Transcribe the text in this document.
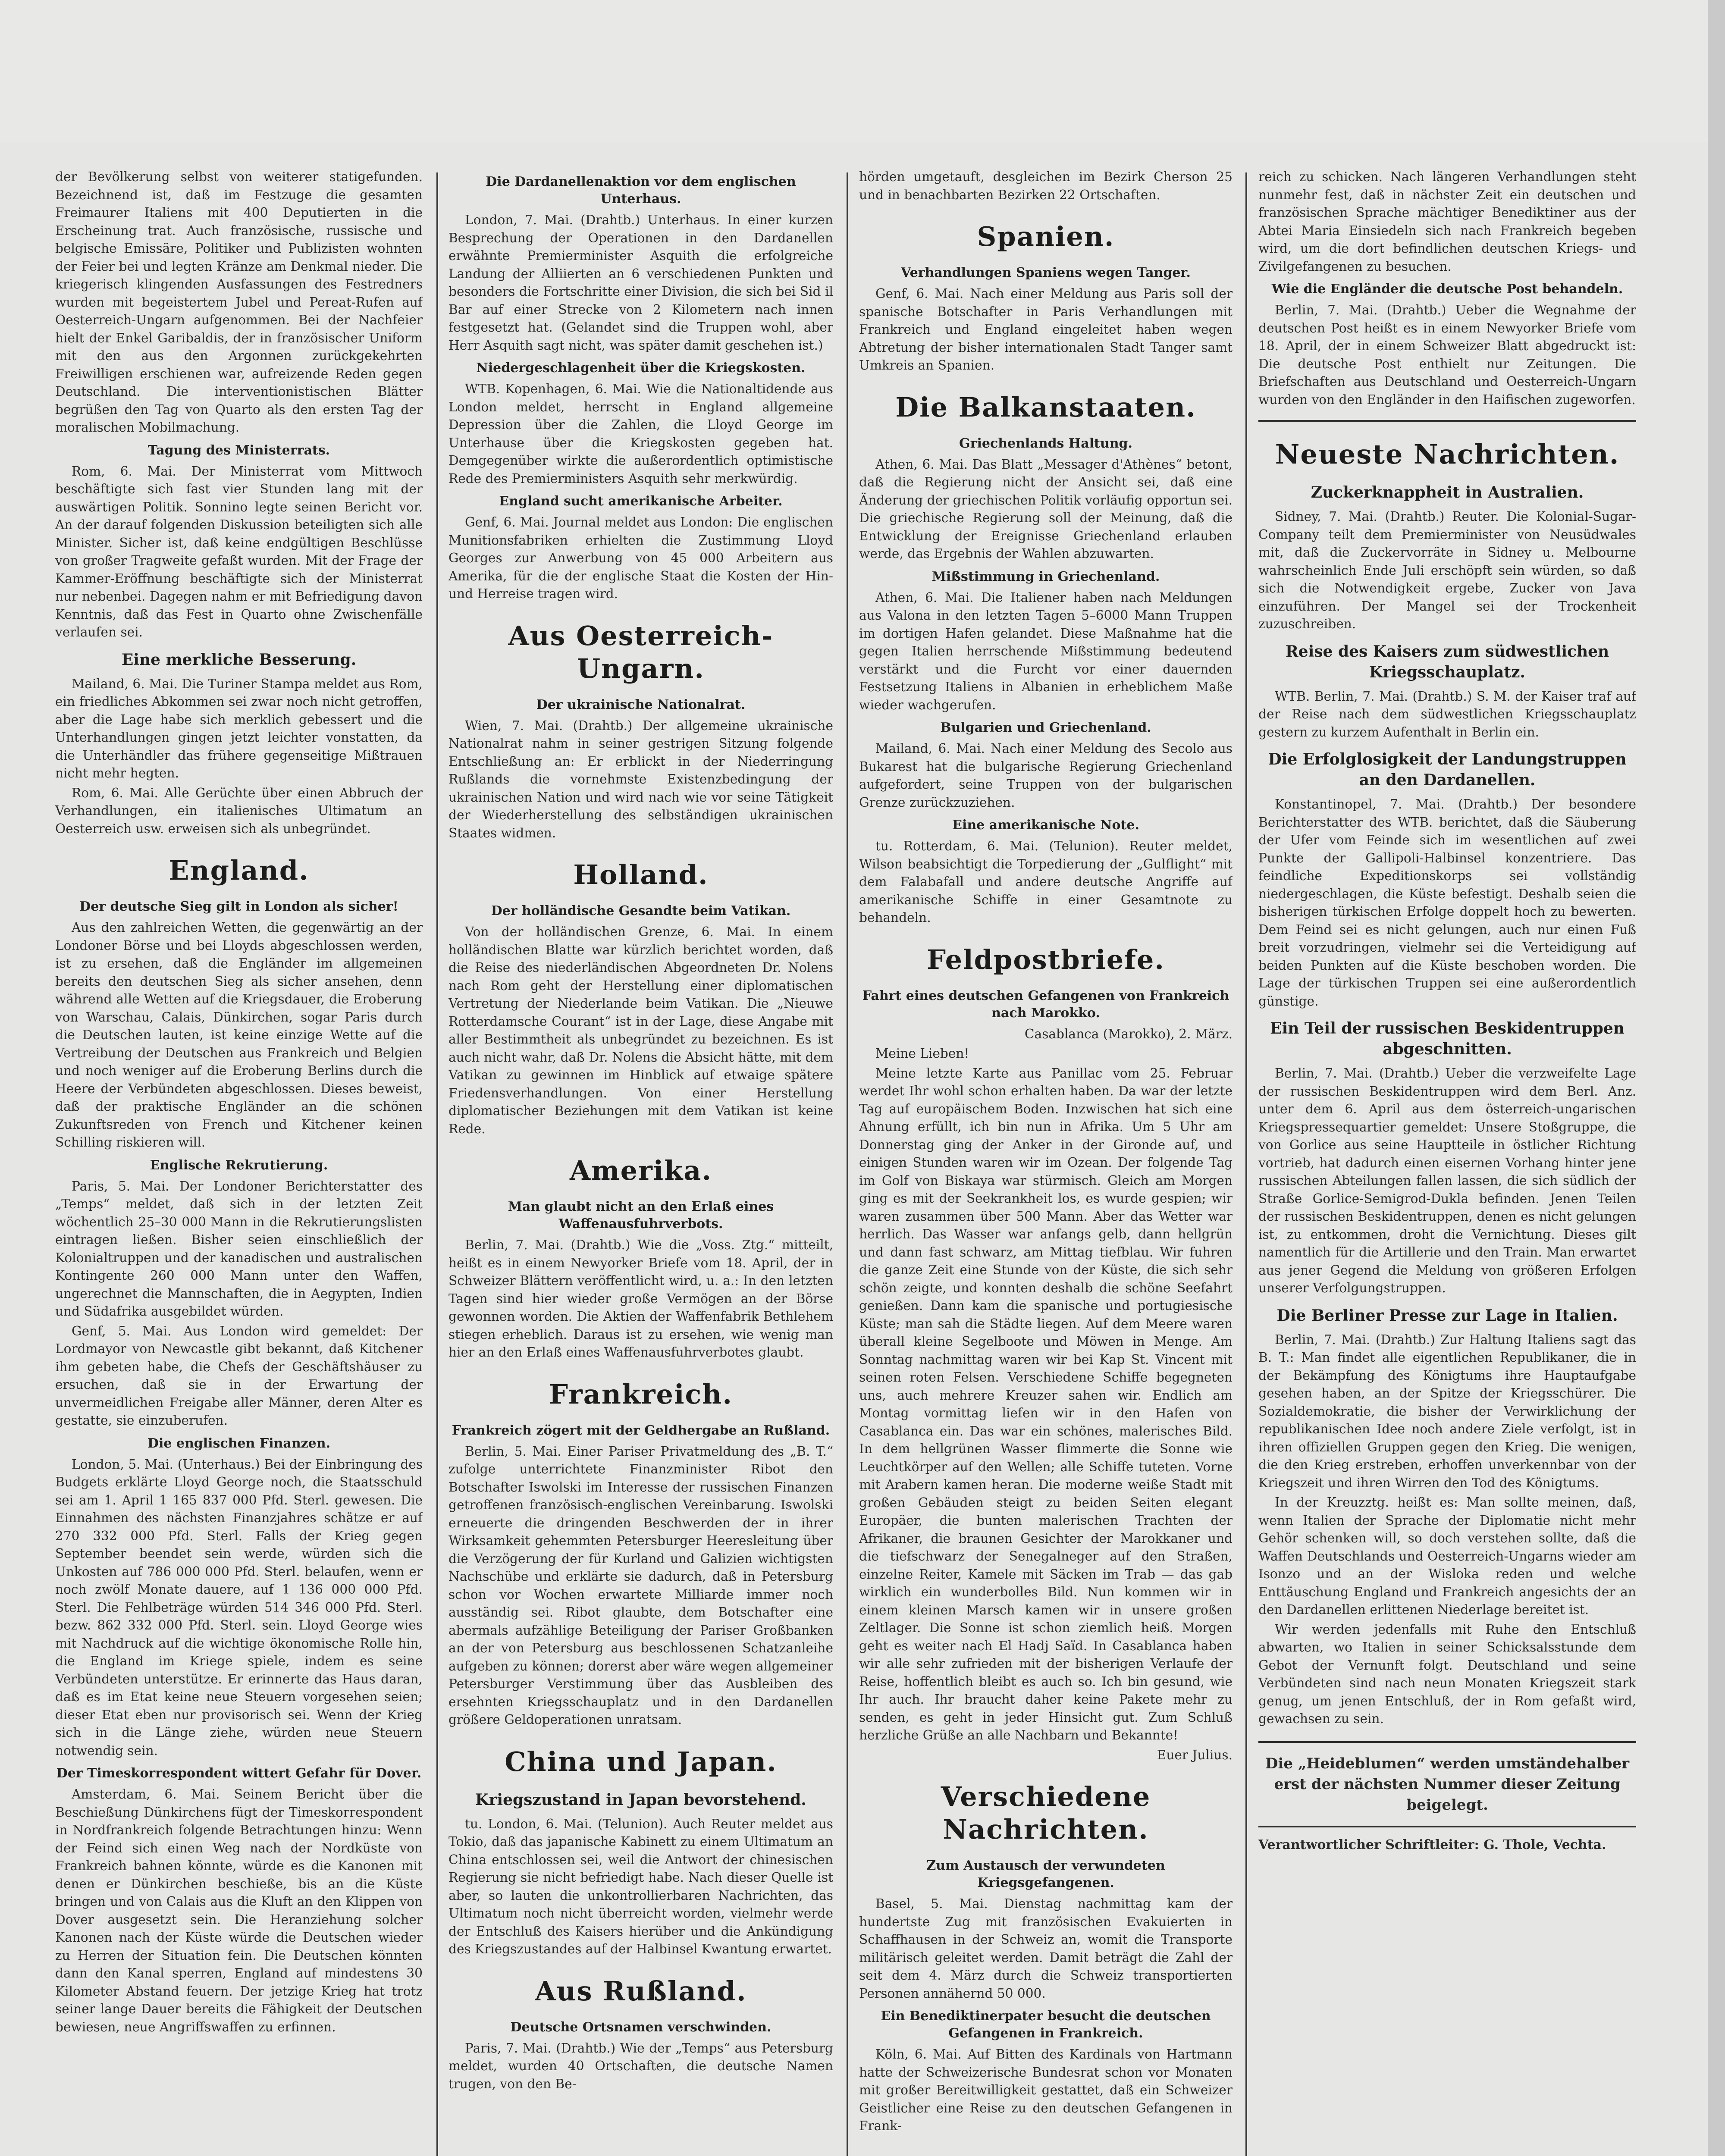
der Bevölkerung selbst von weiterer statigefunden. Bezeichnend ist, daß im Festzuge die gesamten Freimaurer Italiens mit 400 Deputierten in die Erscheinung trat. Auch französische, russische und belgische Emissäre, Politiker und Publizisten wohnten der Feier bei und legten Kränze am Denkmal nieder. Die kriegerisch klingenden Ausfassungen des Festredners wurden mit begeistertem Jubel und Pereat-Rufen auf Oesterreich-Ungarn aufgenommen. Bei der Nachfeier hielt der Enkel Garibaldis, der in französischer Uniform mit den aus den Argonnen zurückgekehrten Freiwilligen erschienen war, aufreizende Reden gegen Deutschland. Die interventionistischen Blätter begrüßen den Tag von Quarto als den ersten Tag der moralischen Mobilmachung.

Tagung des Ministerrats.

Rom, 6. Mai. Der Ministerrat vom Mittwoch beschäftigte sich fast vier Stunden lang mit der auswärtigen Politik. Sonnino legte seinen Bericht vor. An der darauf folgenden Diskussion beteiligten sich alle Minister. Sicher ist, daß keine endgültigen Beschlüsse von großer Tragweite gefaßt wurden. Mit der Frage der Kammer-Eröffnung beschäftigte sich der Ministerrat nur nebenbei. Dagegen nahm er mit Befriedigung davon Kenntnis, daß das Fest in Quarto ohne Zwischenfälle verlaufen sei.

Eine merkliche Besserung.

Mailand, 6. Mai. Die Turiner Stampa meldet aus Rom, ein friedliches Abkommen sei zwar noch nicht getroffen, aber die Lage habe sich merklich gebessert und die Unterhandlungen gingen jetzt leichter vonstatten, da die Unterhändler das frühere gegenseitige Mißtrauen nicht mehr hegten.

Rom, 6. Mai. Alle Gerüchte über einen Abbruch der Verhandlungen, ein italienisches Ultimatum an Oesterreich usw. erweisen sich als unbegründet.

England.
Der deutsche Sieg gilt in London als sicher!

Aus den zahlreichen Wetten, die gegenwärtig an der Londoner Börse und bei Lloyds abgeschlossen werden, ist zu ersehen, daß die Engländer im allgemeinen bereits den deutschen Sieg als sicher ansehen, denn während alle Wetten auf die Kriegsdauer, die Eroberung von Warschau, Calais, Dünkirchen, sogar Paris durch die Deutschen lauten, ist keine einzige Wette auf die Vertreibung der Deutschen aus Frankreich und Belgien und noch weniger auf die Eroberung Berlins durch die Heere der Verbündeten abgeschlossen. Dieses beweist, daß der praktische Engländer an die schönen Zukunftsreden von French und Kitchener keinen Schilling riskieren will.

Englische Rekrutierung.

Paris, 5. Mai. Der Londoner Berichterstatter des „Temps“ meldet, daß sich in der letzten Zeit wöchentlich 25–30 000 Mann in die Rekrutierungslisten eintragen ließen. Bisher seien einschließlich der Kolonialtruppen und der kanadischen und australischen Kontingente 260 000 Mann unter den Waffen, ungerechnet die Mannschaften, die in Aegypten, Indien und Südafrika ausgebildet würden.

Genf, 5. Mai. Aus London wird gemeldet: Der Lordmayor von Newcastle gibt bekannt, daß Kitchener ihm gebeten habe, die Chefs der Geschäftshäuser zu ersuchen, daß sie in der Erwartung der unvermeidlichen Freigabe aller Männer, deren Alter es gestatte, sie einzuberufen.

Die englischen Finanzen.

London, 5. Mai. (Unterhaus.) Bei der Einbringung des Budgets erklärte Lloyd George noch, die Staatsschuld sei am 1. April 1 165 837 000 Pfd. Sterl. gewesen. Die Einnahmen des nächsten Finanzjahres schätze er auf 270 332 000 Pfd. Sterl. Falls der Krieg gegen September beendet sein werde, würden sich die Unkosten auf 786 000 000 Pfd. Sterl. belaufen, wenn er noch zwölf Monate dauere, auf 1 136 000 000 Pfd. Sterl. Die Fehlbeträge würden 514 346 000 Pfd. Sterl. bezw. 862 332 000 Pfd. Sterl. sein. Lloyd George wies mit Nachdruck auf die wichtige ökonomische Rolle hin, die England im Kriege spiele, indem es seine Verbündeten unterstütze. Er erinnerte das Haus daran, daß es im Etat keine neue Steuern vorgesehen seien; dieser Etat eben nur provisorisch sei. Wenn der Krieg sich in die Länge ziehe, würden neue Steuern notwendig sein.

Der Timeskorrespondent wittert Gefahr für Dover.

Amsterdam, 6. Mai. Seinem Bericht über die Beschießung Dünkirchens fügt der Timeskorrespondent in Nordfrankreich folgende Betrachtungen hinzu: Wenn der Feind sich einen Weg nach der Nordküste von Frankreich bahnen könnte, würde es die Kanonen mit denen er Dünkirchen beschieße, bis an die Küste bringen und von Calais aus die Kluft an den Klippen von Dover ausgesetzt sein. Die Heranziehung solcher Kanonen nach der Küste würde die Deutschen wieder zu Herren der Situation fein. Die Deutschen könnten dann den Kanal sperren, England auf mindestens 30 Kilometer Abstand feuern. Der jetzige Krieg hat trotz seiner lange Dauer bereits die Fähigkeit der Deutschen bewiesen, neue Angriffswaffen zu erfinnen.

Die Dardanellenaktion vor dem englischen Unterhaus.

London, 7. Mai. (Drahtb.) Unterhaus. In einer kurzen Besprechung der Operationen in den Dardanellen erwähnte Premierminister Asquith die erfolgreiche Landung der Alliierten an 6 verschiedenen Punkten und besonders die Fortschritte einer Division, die sich bei Sid il Bar auf einer Strecke von 2 Kilometern nach innen festgesetzt hat. (Gelandet sind die Truppen wohl, aber Herr Asquith sagt nicht, was später damit geschehen ist.)

Niedergeschlagenheit über die Kriegskosten.

WTB. Kopenhagen, 6. Mai. Wie die Nationaltidende aus London meldet, herrscht in England allgemeine Depression über die Zahlen, die Lloyd George im Unterhause über die Kriegskosten gegeben hat. Demgegenüber wirkte die außerordentlich optimistische Rede des Premierministers Asquith sehr merkwürdig.

England sucht amerikanische Arbeiter.

Genf, 6. Mai. Journal meldet aus London: Die englischen Munitionsfabriken erhielten die Zustimmung Lloyd Georges zur Anwerbung von 45 000 Arbeitern aus Amerika, für die der englische Staat die Kosten der Hin- und Herreise tragen wird.

Aus Oesterreich-Ungarn.
Der ukrainische Nationalrat.

Wien, 7. Mai. (Drahtb.) Der allgemeine ukrainische Nationalrat nahm in seiner gestrigen Sitzung folgende Entschließung an: Er erblickt in der Niederringung Rußlands die vornehmste Existenzbedingung der ukrainischen Nation und wird nach wie vor seine Tätigkeit der Wiederherstellung des selbständigen ukrainischen Staates widmen.

Holland.
Der holländische Gesandte beim Vatikan.

Von der holländischen Grenze, 6. Mai. In einem holländischen Blatte war kürzlich berichtet worden, daß die Reise des niederländischen Abgeordneten Dr. Nolens nach Rom geht der Herstellung einer diplomatischen Vertretung der Niederlande beim Vatikan. Die „Nieuwe Rotterdamsche Courant“ ist in der Lage, diese Angabe mit aller Bestimmtheit als unbegründet zu bezeichnen. Es ist auch nicht wahr, daß Dr. Nolens die Absicht hätte, mit dem Vatikan zu gewinnen im Hinblick auf etwaige spätere Friedensverhandlungen. Von einer Herstellung diplomatischer Beziehungen mit dem Vatikan ist keine Rede.

Amerika.
Man glaubt nicht an den Erlaß eines Waffenausfuhrverbots.

Berlin, 7. Mai. (Drahtb.) Wie die „Voss. Ztg.“ mitteilt, heißt es in einem Newyorker Briefe vom 18. April, der in Schweizer Blättern veröffentlicht wird, u. a.: In den letzten Tagen sind hier wieder große Vermögen an der Börse gewonnen worden. Die Aktien der Waffenfabrik Bethlehem stiegen erheblich. Daraus ist zu ersehen, wie wenig man hier an den Erlaß eines Waffenausfuhrverbotes glaubt.

Frankreich.
Frankreich zögert mit der Geldhergabe an Rußland.

Berlin, 5. Mai. Einer Pariser Privatmeldung des „B. T.“ zufolge unterrichtete Finanzminister Ribot den Botschafter Iswolski im Interesse der russischen Finanzen getroffenen französisch-englischen Vereinbarung. Iswolski erneuerte die dringenden Beschwerden der in ihrer Wirksamkeit gehemmten Petersburger Heeresleitung über die Verzögerung der für Kurland und Galizien wichtigsten Nachschübe und erklärte sie dadurch, daß in Petersburg schon vor Wochen erwartete Milliarde immer noch ausständig sei. Ribot glaubte, dem Botschafter eine abermals aufzählige Beteiligung der Pariser Großbanken an der von Petersburg aus beschlossenen Schatzanleihe aufgeben zu können; dorerst aber wäre wegen allgemeiner Petersburger Verstimmung über das Ausbleiben des ersehnten Kriegsschauplatz und in den Dardanellen größere Geldoperationen unratsam.

China und Japan.
Kriegszustand in Japan bevorstehend.

tu. London, 6. Mai. (Telunion). Auch Reuter meldet aus Tokio, daß das japanische Kabinett zu einem Ultimatum an China entschlossen sei, weil die Antwort der chinesischen Regierung sie nicht befriedigt habe. Nach dieser Quelle ist aber, so lauten die unkontrollierbaren Nachrichten, das Ultimatum noch nicht überreicht worden, vielmehr werde der Entschluß des Kaisers hierüber und die Ankündigung des Kriegszustandes auf der Halbinsel Kwantung erwartet.

Aus Rußland.
Deutsche Ortsnamen verschwinden.

Paris, 7. Mai. (Drahtb.) Wie der „Temps“ aus Petersburg meldet, wurden 40 Ortschaften, die deutsche Namen trugen, von den Be-

hörden umgetauft, desgleichen im Bezirk Cherson 25 und in benachbarten Bezirken 22 Ortschaften.

Spanien.
Verhandlungen Spaniens wegen Tanger.

Genf, 6. Mai. Nach einer Meldung aus Paris soll der spanische Botschafter in Paris Verhandlungen mit Frankreich und England eingeleitet haben wegen Abtretung der bisher internationalen Stadt Tanger samt Umkreis an Spanien.

Die Balkanstaaten.
Griechenlands Haltung.

Athen, 6. Mai. Das Blatt „Messager d'Athènes“ betont, daß die Regierung nicht der Ansicht sei, daß eine Änderung der griechischen Politik vorläufig opportun sei. Die griechische Regierung soll der Meinung, daß die Entwicklung der Ereignisse Griechenland erlauben werde, das Ergebnis der Wahlen abzuwarten.

Mißstimmung in Griechenland.

Athen, 6. Mai. Die Italiener haben nach Meldungen aus Valona in den letzten Tagen 5–6000 Mann Truppen im dortigen Hafen gelandet. Diese Maßnahme hat die gegen Italien herrschende Mißstimmung bedeutend verstärkt und die Furcht vor einer dauernden Festsetzung Italiens in Albanien in erheblichem Maße wieder wachgerufen.

Bulgarien und Griechenland.

Mailand, 6. Mai. Nach einer Meldung des Secolo aus Bukarest hat die bulgarische Regierung Griechenland aufgefordert, seine Truppen von der bulgarischen Grenze zurückzuziehen.

Eine amerikanische Note.

tu. Rotterdam, 6. Mai. (Telunion). Reuter meldet, Wilson beabsichtigt die Torpedierung der „Gulflight“ mit dem Falabafall und andere deutsche Angriffe auf amerikanische Schiffe in einer Gesamtnote zu behandeln.

Feldpostbriefe.
Fahrt eines deutschen Gefangenen von Frankreich nach Marokko.

Casablanca (Marokko), 2. März.

Meine Lieben!

Meine letzte Karte aus Panillac vom 25. Februar werdet Ihr wohl schon erhalten haben. Da war der letzte Tag auf europäischem Boden. Inzwischen hat sich eine Ahnung erfüllt, ich bin nun in Afrika. Um 5 Uhr am Donnerstag ging der Anker in der Gironde auf, und einigen Stunden waren wir im Ozean. Der folgende Tag im Golf von Biskaya war stürmisch. Gleich am Morgen ging es mit der Seekrankheit los, es wurde gespien; wir waren zusammen über 500 Mann. Aber das Wetter war herrlich. Das Wasser war anfangs gelb, dann hellgrün und dann fast schwarz, am Mittag tiefblau. Wir fuhren die ganze Zeit eine Stunde von der Küste, die sich sehr schön zeigte, und konnten deshalb die schöne Seefahrt genießen. Dann kam die spanische und portugiesische Küste; man sah die Städte liegen. Auf dem Meere waren überall kleine Segelboote und Möwen in Menge. Am Sonntag nachmittag waren wir bei Kap St. Vincent mit seinen roten Felsen. Verschiedene Schiffe begegneten uns, auch mehrere Kreuzer sahen wir. Endlich am Montag vormittag liefen wir in den Hafen von Casablanca ein. Das war ein schönes, malerisches Bild. In dem hellgrünen Wasser flimmerte die Sonne wie Leuchtkörper auf den Wellen; alle Schiffe tuteten. Vorne mit Arabern kamen heran. Die moderne weiße Stadt mit großen Gebäuden steigt zu beiden Seiten elegant Europäer, die bunten malerischen Trachten der Afrikaner, die braunen Gesichter der Marokkaner und die tiefschwarz der Senegalneger auf den Straßen, einzelne Reiter, Kamele mit Säcken im Trab — das gab wirklich ein wunderbolles Bild. Nun kommen wir in einem kleinen Marsch kamen wir in unsere großen Zeltlager. Die Sonne ist schon ziemlich heiß. Morgen geht es weiter nach El Hadj Saïd. In Casablanca haben wir alle sehr zufrieden mit der bisherigen Verlaufe der Reise, hoffentlich bleibt es auch so. Ich bin gesund, wie Ihr auch. Ihr braucht daher keine Pakete mehr zu senden, es geht in jeder Hinsicht gut. Zum Schluß herzliche Grüße an alle Nachbarn und Bekannte!

Euer Julius.

Verschiedene Nachrichten.
Zum Austausch der verwundeten Kriegsgefangenen.

Basel, 5. Mai. Dienstag nachmittag kam der hundertste Zug mit französischen Evakuierten in Schaffhausen in der Schweiz an, womit die Transporte militärisch geleitet werden. Damit beträgt die Zahl der seit dem 4. März durch die Schweiz transportierten Personen annähernd 50 000.

Ein Benediktinerpater besucht die deutschen Gefangenen in Frankreich.

Köln, 6. Mai. Auf Bitten des Kardinals von Hartmann hatte der Schweizerische Bundesrat schon vor Monaten mit großer Bereitwilligkeit gestattet, daß ein Schweizer Geistlicher eine Reise zu den deutschen Gefangenen in Frank-

reich zu schicken. Nach längeren Verhandlungen steht nunmehr fest, daß in nächster Zeit ein deutschen und französischen Sprache mächtiger Benediktiner aus der Abtei Maria Einsiedeln sich nach Frankreich begeben wird, um die dort befindlichen deutschen Kriegs- und Zivilgefangenen zu besuchen.

Wie die Engländer die deutsche Post behandeln.

Berlin, 7. Mai. (Drahtb.) Ueber die Wegnahme der deutschen Post heißt es in einem Newyorker Briefe vom 18. April, der in einem Schweizer Blatt abgedruckt ist: Die deutsche Post enthielt nur Zeitungen. Die Briefschaften aus Deutschland und Oesterreich-Ungarn wurden von den Engländer in den Haifischen zugeworfen.

Neueste Nachrichten.
Zuckerknappheit in Australien.

Sidney, 7. Mai. (Drahtb.) Reuter. Die Kolonial-Sugar-Company teilt dem Premierminister von Neusüdwales mit, daß die Zuckervorräte in Sidney u. Melbourne wahrscheinlich Ende Juli erschöpft sein würden, so daß sich die Notwendigkeit ergebe, Zucker von Java einzuführen. Der Mangel sei der Trockenheit zuzuschreiben.

Reise des Kaisers zum südwestlichen Kriegsschauplatz.

WTB. Berlin, 7. Mai. (Drahtb.) S. M. der Kaiser traf auf der Reise nach dem südwestlichen Kriegsschauplatz gestern zu kurzem Aufenthalt in Berlin ein.

Die Erfolglosigkeit der Landungstruppen an den Dardanellen.

Konstantinopel, 7. Mai. (Drahtb.) Der besondere Berichterstatter des WTB. berichtet, daß die Säuberung der Ufer vom Feinde sich im wesentlichen auf zwei Punkte der Gallipoli-Halbinsel konzentriere. Das feindliche Expeditionskorps sei vollständig niedergeschlagen, die Küste befestigt. Deshalb seien die bisherigen türkischen Erfolge doppelt hoch zu bewerten. Dem Feind sei es nicht gelungen, auch nur einen Fuß breit vorzudringen, vielmehr sei die Verteidigung auf beiden Punkten auf die Küste beschoben worden. Die Lage der türkischen Truppen sei eine außerordentlich günstige.

Ein Teil der russischen Beskidentruppen abgeschnitten.

Berlin, 7. Mai. (Drahtb.) Ueber die verzweifelte Lage der russischen Beskidentruppen wird dem Berl. Anz. unter dem 6. April aus dem österreich-ungarischen Kriegspressequartier gemeldet: Unsere Stoßgruppe, die von Gorlice aus seine Hauptteile in östlicher Richtung vortrieb, hat dadurch einen eisernen Vorhang hinter jene russischen Abteilungen fallen lassen, die sich südlich der Straße Gorlice-Semigrod-Dukla befinden. Jenen Teilen der russischen Beskidentruppen, denen es nicht gelungen ist, zu entkommen, droht die Vernichtung. Dieses gilt namentlich für die Artillerie und den Train. Man erwartet aus jener Gegend die Meldung von größeren Erfolgen unserer Verfolgungstruppen.

Die Berliner Presse zur Lage in Italien.

Berlin, 7. Mai. (Drahtb.) Zur Haltung Italiens sagt das B. T.: Man findet alle eigentlichen Republikaner, die in der Bekämpfung des Königtums ihre Hauptaufgabe gesehen haben, an der Spitze der Kriegsschürer. Die Sozialdemokratie, die bisher der Verwirklichung der republikanischen Idee noch andere Ziele verfolgt, ist in ihren offiziellen Gruppen gegen den Krieg. Die wenigen, die den Krieg erstreben, erhoffen unverkennbar von der Kriegszeit und ihren Wirren den Tod des Königtums.

In der Kreuzztg. heißt es: Man sollte meinen, daß, wenn Italien der Sprache der Diplomatie nicht mehr Gehör schenken will, so doch verstehen sollte, daß die Waffen Deutschlands und Oesterreich-Ungarns wieder am Isonzo und an der Wisloka reden und welche Enttäuschung England und Frankreich angesichts der an den Dardanellen erlittenen Niederlage bereitet ist.

Wir werden jedenfalls mit Ruhe den Entschluß abwarten, wo Italien in seiner Schicksalsstunde dem Gebot der Vernunft folgt. Deutschland und seine Verbündeten sind nach neun Monaten Kriegszeit stark genug, um jenen Entschluß, der in Rom gefaßt wird, gewachsen zu sein.

Die „Heideblumen“ werden umständehalber erst der nächsten Nummer dieser Zeitung beigelegt.
Verantwortlicher Schriftleiter: G. Thole, Vechta.
